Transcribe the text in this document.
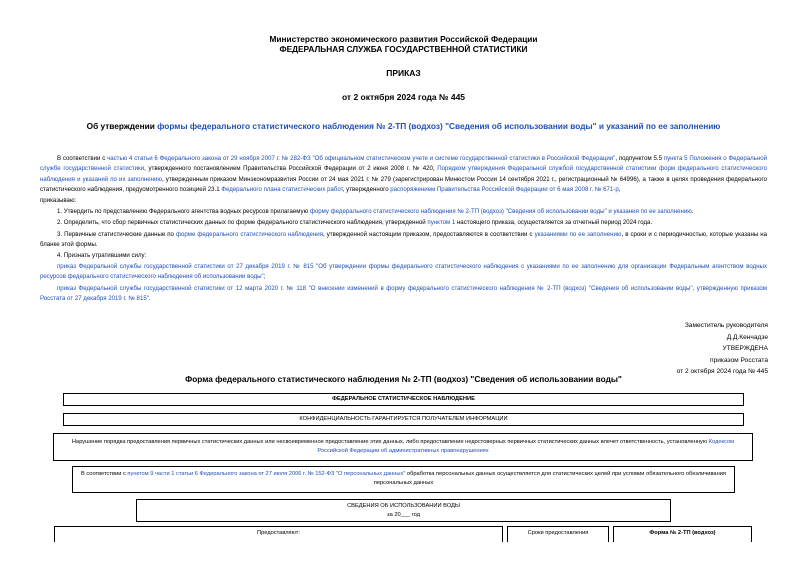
Министерство экономического развития Российской Федерации
ФЕДЕРАЛЬНАЯ СЛУЖБА ГОСУДАРСТВЕННОЙ СТАТИСТИКИ
ПРИКАЗ
от 2 октября 2024 года № 445
Об утверждении формы федерального статистического наблюдения № 2-ТП (водхоз) "Сведения об использовании воды" и указаний по ее заполнению

В соответствии с частью 4 статьи 6 Федерального закона от 29 ноября 2007 г. № 282-ФЗ "Об официальном статистическом учете и системе государственной статистики в Российской Федерации", подпунктом 5.5 пункта 5 Положения о Федеральной службе государственной статистики, утвержденного постановлением Правительства Российской Федерации от 2 июня 2008 г. № 420, Порядком утверждения Федеральной службой государственной статистики форм федерального статистического наблюдения и указаний по их заполнению, утвержденным приказом Минэкономразвития России от 24 мая 2021 г. № 279 (зарегистрирован Минюстом России 14 сентября 2021 г., регистрационный № 64996), а также в целях проведения федерального статистического наблюдения, предусмотренного позицией 23.1 Федерального плана статистических работ, утвержденного распоряжением Правительства Российской Федерации от 6 мая 2008 г. № 671-р,

приказываю:

1. Утвердить по представлению Федерального агентства водных ресурсов прилагаемую форму федерального статистического наблюдения № 2-ТП (водхоз) "Сведения об использовании воды" и указания по ее заполнению.

2. Определить, что сбор первичных статистических данных по форме федерального статистического наблюдения, утвержденной пунктом 1 настоящего приказа, осуществляется за отчетный период 2024 года.

3. Первичные статистические данные по форме федерального статистического наблюдения, утвержденной настоящим приказом, предоставляются в соответствии с указаниями по ее заполнению, в сроки и с периодичностью, которые указаны на бланке этой формы.

4. Признать утратившими силу:

приказ Федеральной службы государственной статистики от 27 декабря 2019 г. № 815 "Об утверждении формы федерального статистического наблюдения с указаниями по ее заполнению для организации Федеральным агентством водных ресурсов федерального статистического наблюдения об использовании воды";

приказ Федеральной службы государственной статистики от 12 марта 2020 г. № 118 "О внесении изменений в форму федерального статистического наблюдения № 2-ТП (водхоз) "Сведения об использовании воды", утвержденную приказом Росстата от 27 декабря 2019 г. № 815".

Заместитель руководителя
Д.Д.Кенчадзе
УТВЕРЖДЕНА
приказом Росстата
от 2 октября 2024 года № 445
Форма федерального статистического наблюдения № 2-ТП (водхоз) "Сведения об использовании воды"
ФЕДЕРАЛЬНОЕ СТАТИСТИЧЕСКОЕ НАБЛЮДЕНИЕ
КОНФИДЕНЦИАЛЬНОСТЬ ГАРАНТИРУЕТСЯ ПОЛУЧАТЕЛЕМ ИНФОРМАЦИИ
Нарушение порядка предоставления первичных статистических данных или несвоевременное предоставление этих данных, либо предоставление недостоверных первичных статистических данных влечет ответственность, установленную Кодексом Российской Федерации об административных правонарушениях
В соответствии с пунктом 9 части 1 статьи 6 Федерального закона от 27 июля 2006 г. № 152-ФЗ "О персональных данных" обработка персональных данных осуществляется для статистических целей при условии обязательного обезличивания персональных данных
СВЕДЕНИЯ ОБ ИСПОЛЬЗОВАНИИ ВОДЫ
за 20___ год
Предоставляют:	Сроки предоставления	Форма № 2-ТП (водхоз)
